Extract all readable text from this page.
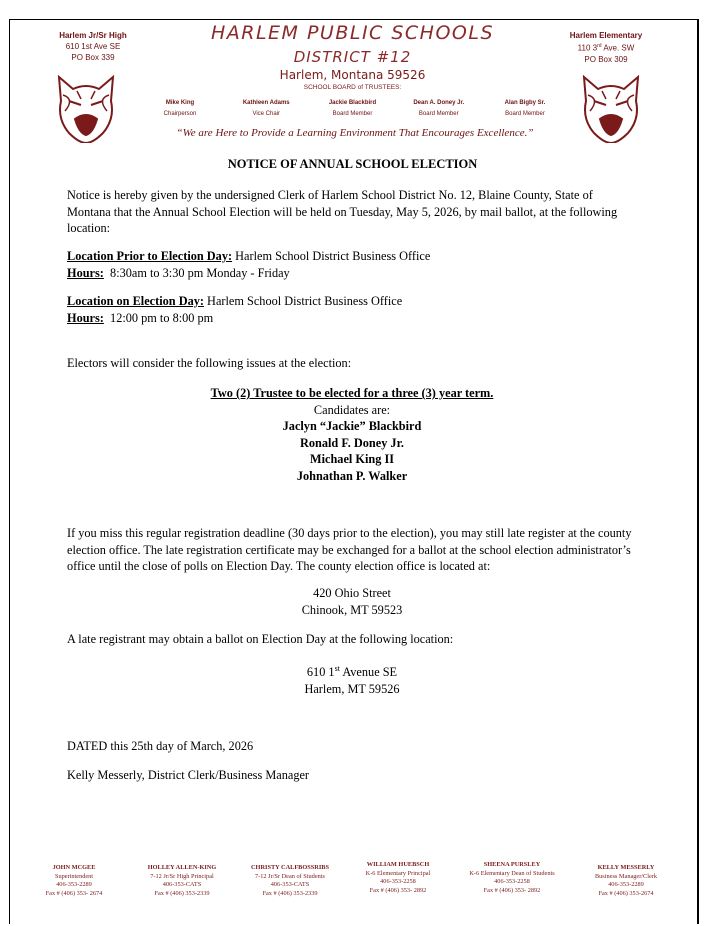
Harlem Jr/Sr High
610 1st Ave SE
PO Box 339
Harlem Elementary
110 3rd Ave. SW
PO Box 309
HARLEM PUBLIC SCHOOLS
DISTRICT #12
Harlem, Montana 59526
SCHOOL BOARD of TRUSTEES:
Mike King
Chairperson
Kathleen Adams
Vice Chair
Jackie Blackbird
Board Member
Dean A. Doney Jr.
Board Member
Alan Bigby Sr.
Board Member
“We are Here to Provide a Learning Environment That Encourages Excellence.”
NOTICE OF ANNUAL SCHOOL ELECTION
Notice is hereby given by the undersigned Clerk of Harlem School District No. 12, Blaine County, State of Montana that the Annual School Election will be held on Tuesday, May 5, 2026, by mail ballot, at the following location:
Location Prior to Election Day: Harlem School District Business Office
Hours:  8:30am to 3:30 pm Monday - Friday
Location on Election Day: Harlem School District Business Office
Hours:  12:00 pm to 8:00 pm
Electors will consider the following issues at the election:
Two (2) Trustee to be elected for a three (3) year term.
Candidates are:
Jaclyn “Jackie” Blackbird
Ronald F. Doney Jr.
Michael King II
Johnathan P. Walker
If you miss this regular registration deadline (30 days prior to the election), you may still late register at the county election office. The late registration certificate may be exchanged for a ballot at the school election administrator’s office until the close of polls on Election Day. The county election office is located at:
420 Ohio Street
Chinook, MT 59523
A late registrant may obtain a ballot on Election Day at the following location:
610 1st Avenue SE
Harlem, MT 59526
DATED this 25th day of March, 2026
Kelly Messerly, District Clerk/Business Manager
JOHN MCGEE
Superintendent
406-353-2289
Fax # (406) 353- 2674
HOLLEY ALLEN-KING
7-12 Jr/Sr High Principal
406-353-CATS
Fax # (406) 353-2339
CHRISTY CALFBOSSRIBS
7-12 Jr/Sr Dean of Students
406-353-CATS
Fax # (406) 353-2339
WILLIAM HUEBSCH
K-6 Elementary Principal
406-353-2258
Fax # (406) 353- 2892
SHEENA PURSLEY
K-6 Elementary Dean of Students
406-353-2258
Fax # (406) 353- 2892
KELLY MESSERLY
Business Manager/Clerk
406-353-2289
Fax # (406) 353-2674
